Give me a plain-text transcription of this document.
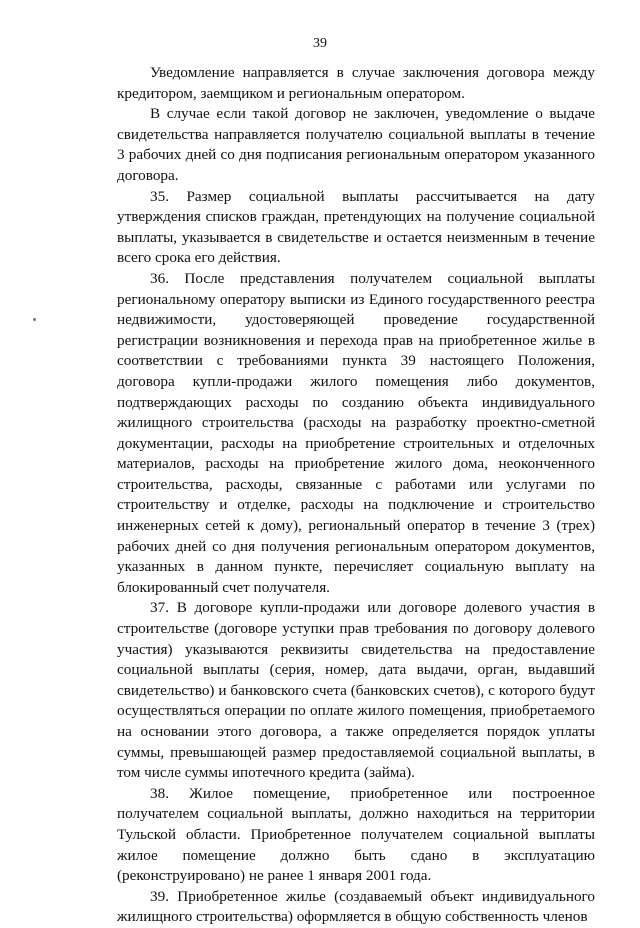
39

Уведомление направляется в случае заключения договора между кредитором, заемщиком и региональным оператором.

В случае если такой договор не заключен, уведомление о выдаче свидетельства направляется получателю социальной выплаты в течение 3 рабочих дней со дня подписания региональным оператором указанного договора.

35. Размер социальной выплаты рассчитывается на дату утверждения списков граждан, претендующих на получение социальной выплаты, указывается в свидетельстве и остается неизменным в течение всего срока его действия.

36. После представления получателем социальной выплаты региональному оператору выписки из Единого государственного реестра недвижимости, удостоверяющей проведение государственной регистрации возникновения и перехода прав на приобретенное жилье в соответствии с требованиями пункта 39 настоящего Положения, договора купли-продажи жилого помещения либо документов, подтверждающих расходы по созданию объекта индивидуального жилищного строительства (расходы на разработку проектно-сметной документации, расходы на приобретение строительных и отделочных материалов, расходы на приобретение жилого дома, неоконченного строительства, расходы, связанные с работами или услугами по строительству и отделке, расходы на подключение и строительство инженерных сетей к дому), региональный оператор в течение 3 (трех) рабочих дней со дня получения региональным оператором документов, указанных в данном пункте, перечисляет социальную выплату на блокированный счет получателя.

37. В договоре купли-продажи или договоре долевого участия в строительстве (договоре уступки прав требования по договору долевого участия) указываются реквизиты свидетельства на предоставление социальной выплаты (серия, номер, дата выдачи, орган, выдавший свидетельство) и банковского счета (банковских счетов), с которого будут осуществляться операции по оплате жилого помещения, приобретаемого на основании этого договора, а также определяется порядок уплаты суммы, превышающей размер предоставляемой социальной выплаты, в том числе суммы ипотечного кредита (займа).

38. Жилое помещение, приобретенное или построенное получателем социальной выплаты, должно находиться на территории Тульской области. Приобретенное получателем социальной выплаты жилое помещение должно быть сдано в эксплуатацию (реконструировано) не ранее 1 января 2001 года.

39. Приобретенное жилье (создаваемый объект индивидуального жилищного строительства) оформляется в общую собственность членов
